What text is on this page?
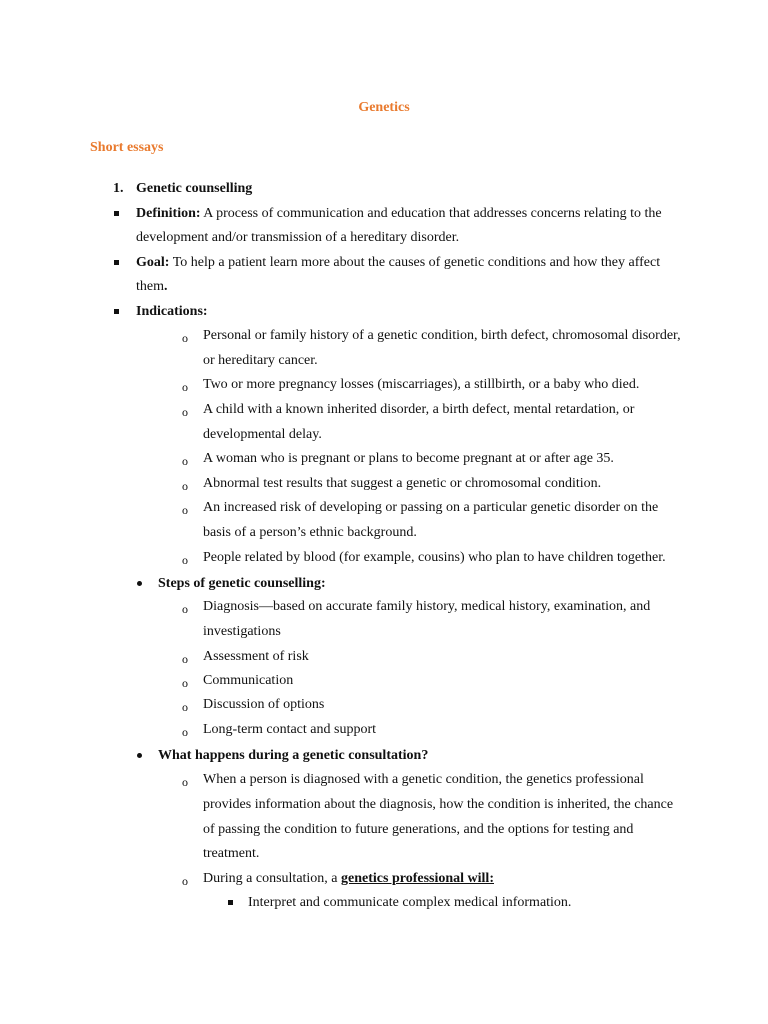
Genetics
Short essays
1. Genetic counselling
Definition: A process of communication and education that addresses concerns relating to the
development and/or transmission of a hereditary disorder.
Goal: To help a patient learn more about the causes of genetic conditions and how they affect
them.
Indications:
o Personal or family history of a genetic condition, birth defect, chromosomal disorder,
or hereditary cancer.
o Two or more pregnancy losses (miscarriages), a stillbirth, or a baby who died.
o A child with a known inherited disorder, a birth defect, mental retardation, or
developmental delay.
o A woman who is pregnant or plans to become pregnant at or after age 35.
o Abnormal test results that suggest a genetic or chromosomal condition.
o An increased risk of developing or passing on a particular genetic disorder on the
basis of a person’s ethnic background.
o People related by blood (for example, cousins) who plan to have children together.
Steps of genetic counselling:
o Diagnosis—based on accurate family history, medical history, examination, and
investigations
o Assessment of risk
o Communication
o Discussion of options
o Long-term contact and support
What happens during a genetic consultation?
o When a person is diagnosed with a genetic condition, the genetics professional
provides information about the diagnosis, how the condition is inherited, the chance
of passing the condition to future generations, and the options for testing and
treatment.
o During a consultation, a genetics professional will:
Interpret and communicate complex medical information.
